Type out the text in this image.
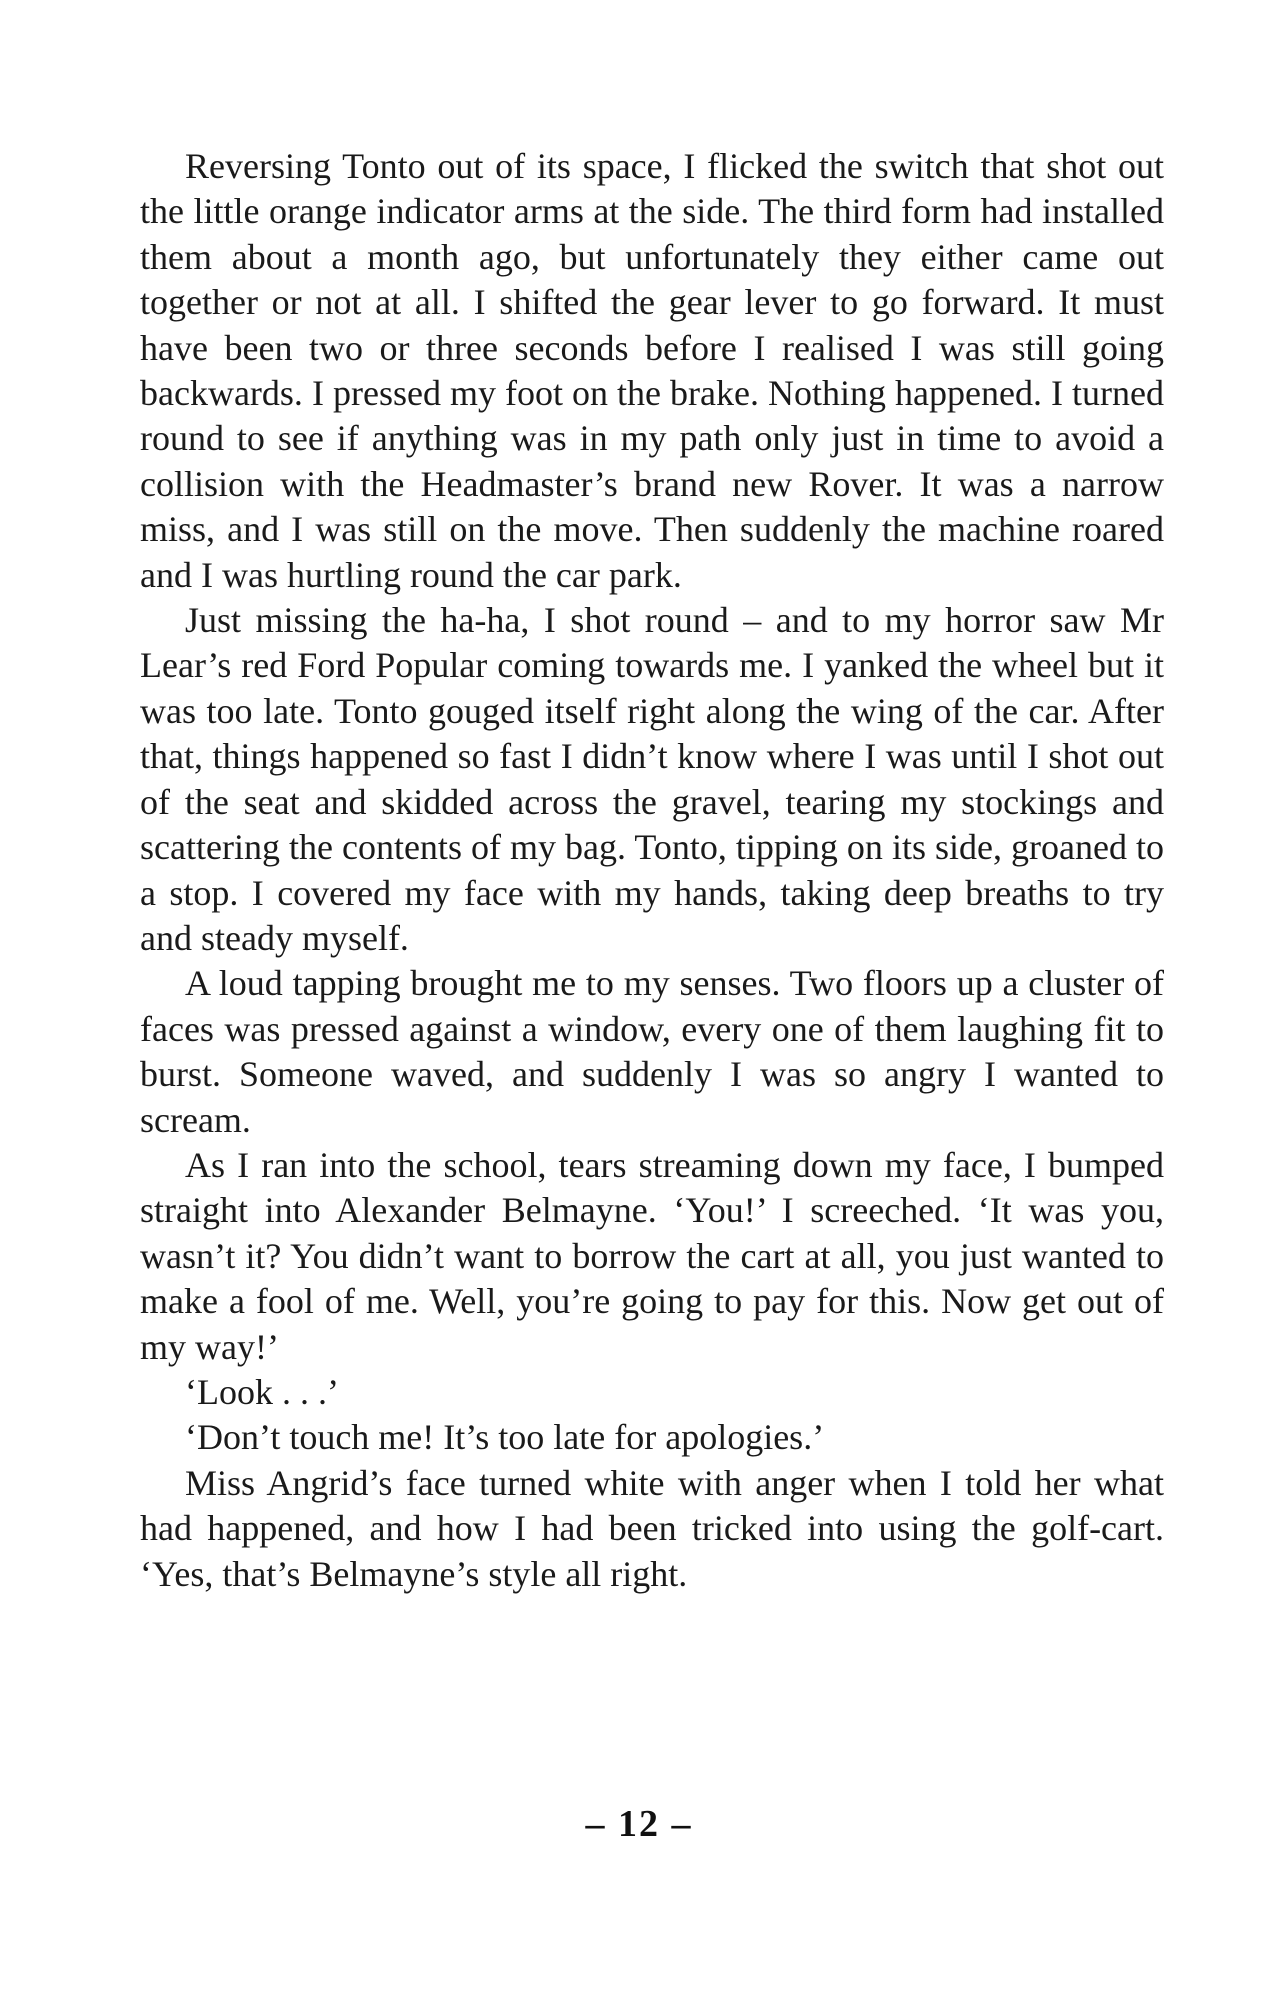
Reversing Tonto out of its space, I flicked the switch that shot out the little orange indicator arms at the side. The third form had installed them about a month ago, but unfortunately they either came out together or not at all. I shifted the gear lever to go forward. It must have been two or three seconds before I realised I was still going backwards. I pressed my foot on the brake. Nothing happened. I turned round to see if anything was in my path only just in time to avoid a collision with the Headmaster’s brand new Rover. It was a narrow miss, and I was still on the move. Then suddenly the machine roared and I was hurtling round the car park.

Just missing the ha-ha, I shot round – and to my horror saw Mr Lear’s red Ford Popular coming towards me. I yanked the wheel but it was too late. Tonto gouged itself right along the wing of the car. After that, things happened so fast I didn’t know where I was until I shot out of the seat and skidded across the gravel, tearing my stockings and scattering the contents of my bag. Tonto, tipping on its side, groaned to a stop. I covered my face with my hands, taking deep breaths to try and steady myself.

A loud tapping brought me to my senses. Two floors up a cluster of faces was pressed against a window, every one of them laughing fit to burst. Someone waved, and suddenly I was so angry I wanted to scream.

As I ran into the school, tears streaming down my face, I bumped straight into Alexander Belmayne. ‘You!’ I screeched. ‘It was you, wasn’t it? You didn’t want to borrow the cart at all, you just wanted to make a fool of me. Well, you’re going to pay for this. Now get out of my way!’

‘Look . . .’

‘Don’t touch me! It’s too late for apologies.’

Miss Angrid’s face turned white with anger when I told her what had happened, and how I had been tricked into using the golf-cart. ‘Yes, that’s Belmayne’s style all right.

– 12 –
